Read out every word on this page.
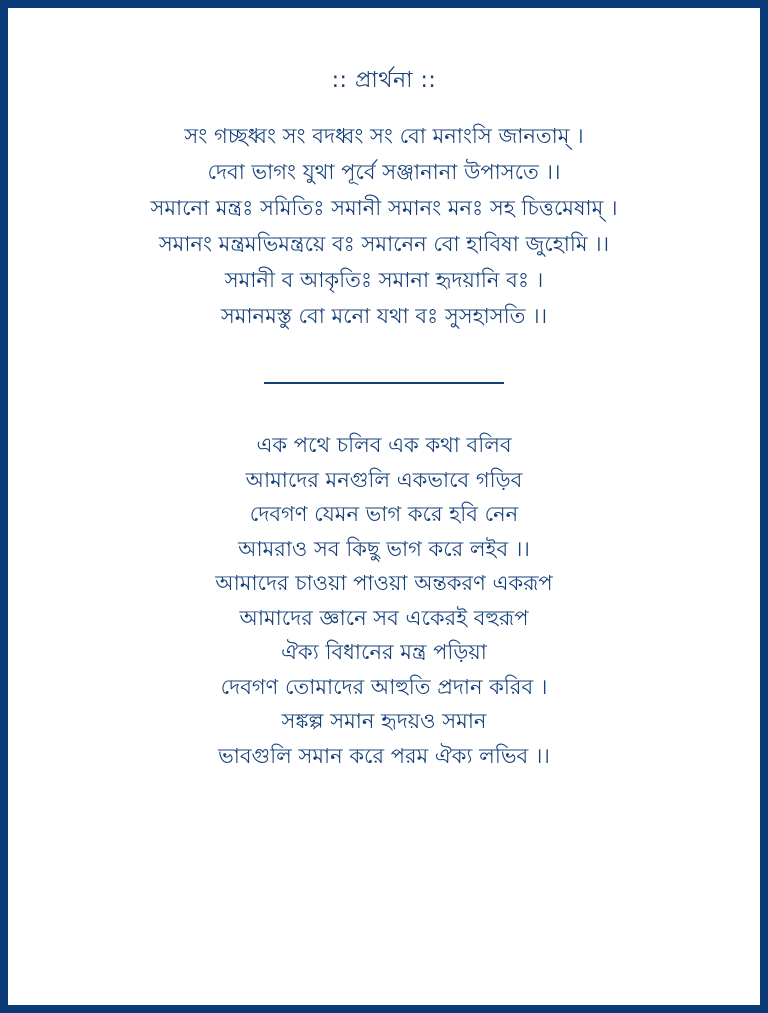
:: প্রার্থনা ::
সং গচ্ছধ্বং সং বদধ্বং সং বো মনাংসি জানতাম্ ।
দেবা ভাগং যুথা পূর্বে সঞ্জানানা উপাসতে ।।
সমানো মন্ত্রঃ সমিতিঃ সমানী সমানং মনঃ সহ চিত্তমেষাম্ ।
সমানং মন্ত্রমভিমন্ত্রয়ে বঃ সমানেন বো হাবিষা জুহোমি ।।
সমানী ব আকৃতিঃ সমানা হৃদয়ানি বঃ ।
সমানমস্তু বো মনো যথা বঃ সুসহাসতি ।।
এক পথে চলিব এক কথা বলিব
আমাদের মনগুলি একভাবে গড়িব
দেবগণ যেমন ভাগ করে হবি নেন
আমরাও সব কিছু ভাগ করে লইব ।।
আমাদের চাওয়া পাওয়া অন্তকরণ একরূপ
আমাদের জ্ঞানে সব একেরই বহুরূপ
ঐক্য বিধানের মন্ত্র পড়িয়া
দেবগণ তোমাদের আহুতি প্রদান করিব ।
সঙ্কল্প সমান হৃদয়ও সমান
ভাবগুলি সমান করে পরম ঐক্য লভিব ।।
